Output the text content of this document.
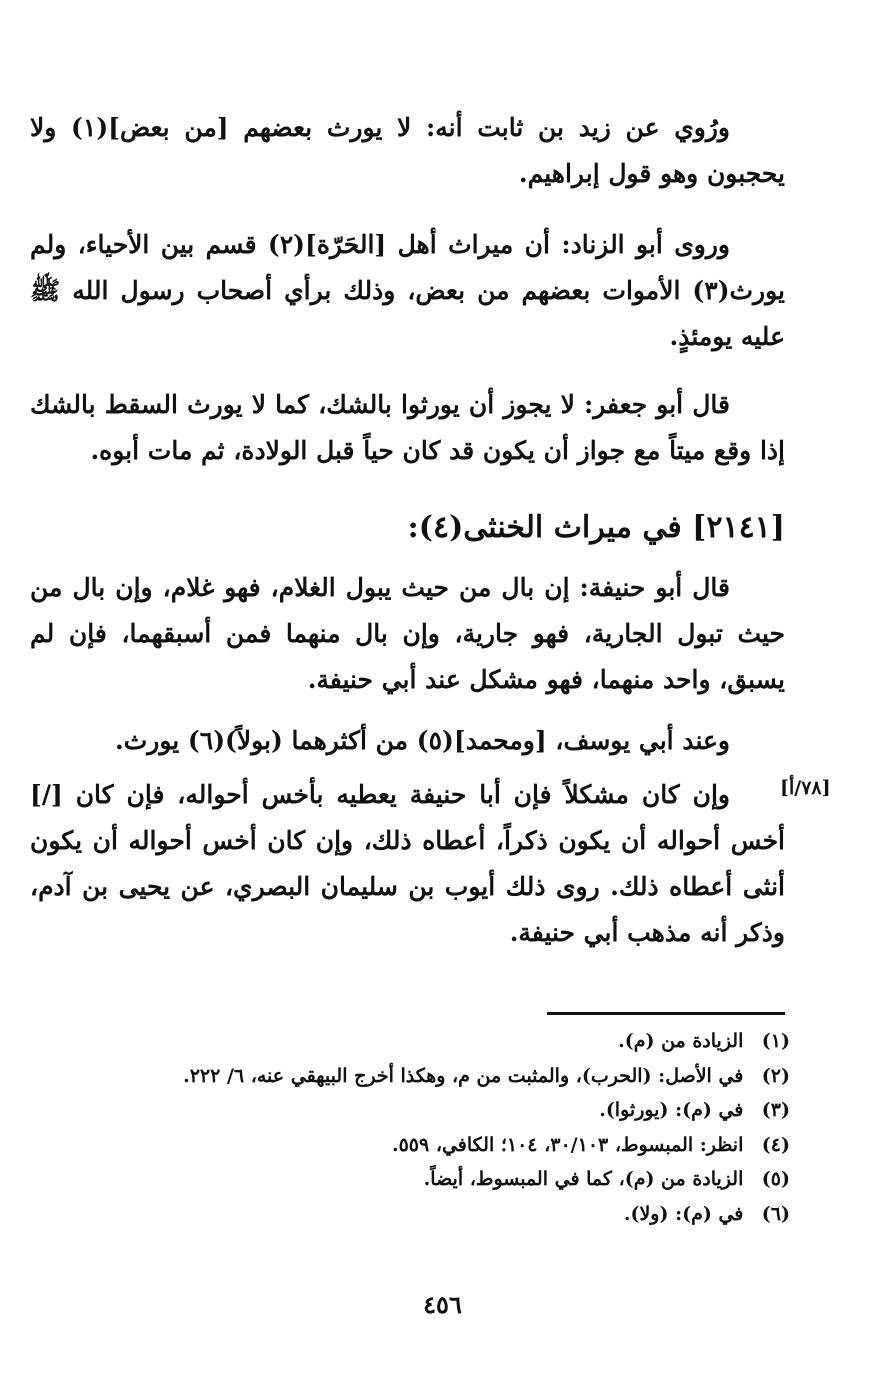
ورُوي عن زيد بن ثابت أنه: لا يورث بعضهم [من بعض](١) ولا يحجبون وهو قول إبراهيم.

وروى أبو الزناد: أن ميراث أهل [الحَرّة](٢) قسم بين الأحياء، ولم يورث(٣) الأموات بعضهم من بعض، وذلك برأي أصحاب رسول الله ﷺ عليه يومئذٍ.

قال أبو جعفر: لا يجوز أن يورثوا بالشك، كما لا يورث السقط بالشك إذا وقع ميتاً مع جواز أن يكون قد كان حياً قبل الولادة، ثم مات أبوه.

[٢١٤١] في ميراث الخنثى(٤):

قال أبو حنيفة: إن بال من حيث يبول الغلام، فهو غلام، وإن بال من حيث تبول الجارية، فهو جارية، وإن بال منهما فمن أسبقهما، فإن لم يسبق، واحد منهما، فهو مشكل عند أبي حنيفة.

وعند أبي يوسف، [ومحمد](٥) من أكثرهما (بولاً)(٦) يورث.

وإن كان مشكلاً فإن أبا حنيفة يعطيه بأخس أحواله، فإن كان [/] أخس أحواله أن يكون ذكراً، أعطاه ذلك، وإن كان أخس أحواله أن يكون أنثى أعطاه ذلك. روى ذلك أيوب بن سليمان البصري، عن يحيى بن آدم، وذكر أنه مذهب أبي حنيفة.

[٧٨/أ]
(١) الزيادة من (م).
(٢) في الأصل: (الحرب)، والمثبت من م، وهكذا أخرج البيهقي عنه، ٦/ ٢٢٢.
(٣) في (م): (يورثوا).
(٤) انظر: المبسوط، ٣٠/١٠٣، ١٠٤؛ الكافي، ٥٥٩.
(٥) الزيادة من (م)، كما في المبسوط، أيضاً.
(٦) في (م): (ولا).
٤٥٦
